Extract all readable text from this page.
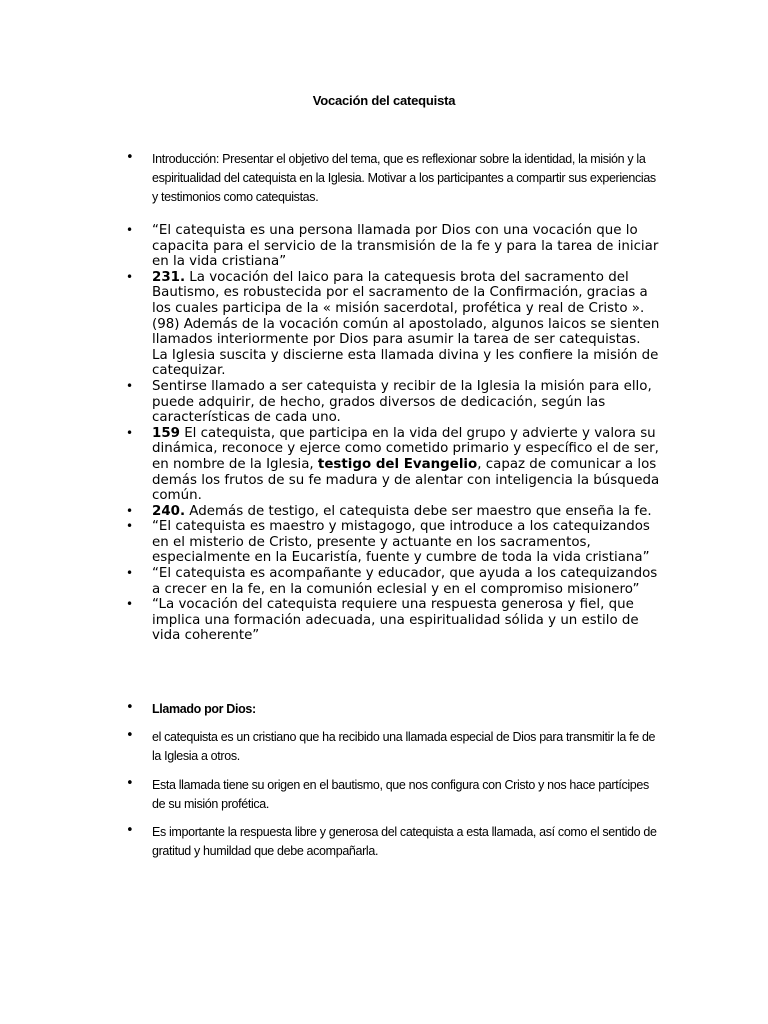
Vocación del catequista
• Introducción: Presentar el objetivo del tema, que es reflexionar sobre la identidad, la misión y la espiritualidad del catequista en la Iglesia. Motivar a los participantes a compartir sus experiencias y testimonios como catequistas.
• “El catequista es una persona llamada por Dios con una vocación que lo capacita para el servicio de la transmisión de la fe y para la tarea de iniciar en la vida cristiana”
• 231. La vocación del laico para la catequesis brota del sacramento del Bautismo, es robustecida por el sacramento de la Confirmación, gracias a los cuales participa de la « misión sacerdotal, profética y real de Cristo ». (98) Además de la vocación común al apostolado, algunos laicos se sienten llamados interiormente por Dios para asumir la tarea de ser catequistas. La Iglesia suscita y discierne esta llamada divina y les confiere la misión de catequizar.
• Sentirse llamado a ser catequista y recibir de la Iglesia la misión para ello, puede adquirir, de hecho, grados diversos de dedicación, según las características de cada uno.
• 159 El catequista, que participa en la vida del grupo y advierte y valora su dinámica, reconoce y ejerce como cometido primario y específico el de ser, en nombre de la Iglesia, testigo del Evangelio, capaz de comunicar a los demás los frutos de su fe madura y de alentar con inteligencia la búsqueda común.
• 240. Además de testigo, el catequista debe ser maestro que enseña la fe.
• “El catequista es maestro y mistagogo, que introduce a los catequizandos en el misterio de Cristo, presente y actuante en los sacramentos, especialmente en la Eucaristía, fuente y cumbre de toda la vida cristiana”
• “El catequista es acompañante y educador, que ayuda a los catequizandos a crecer en la fe, en la comunión eclesial y en el compromiso misionero”
• “La vocación del catequista requiere una respuesta generosa y fiel, que implica una formación adecuada, una espiritualidad sólida y un estilo de vida coherente”
• Llamado por Dios:
• el catequista es un cristiano que ha recibido una llamada especial de Dios para transmitir la fe de la Iglesia a otros.
• Esta llamada tiene su origen en el bautismo, que nos configura con Cristo y nos hace partícipes de su misión profética.
• Es importante la respuesta libre y generosa del catequista a esta llamada, así como el sentido de gratitud y humildad que debe acompañarla.
